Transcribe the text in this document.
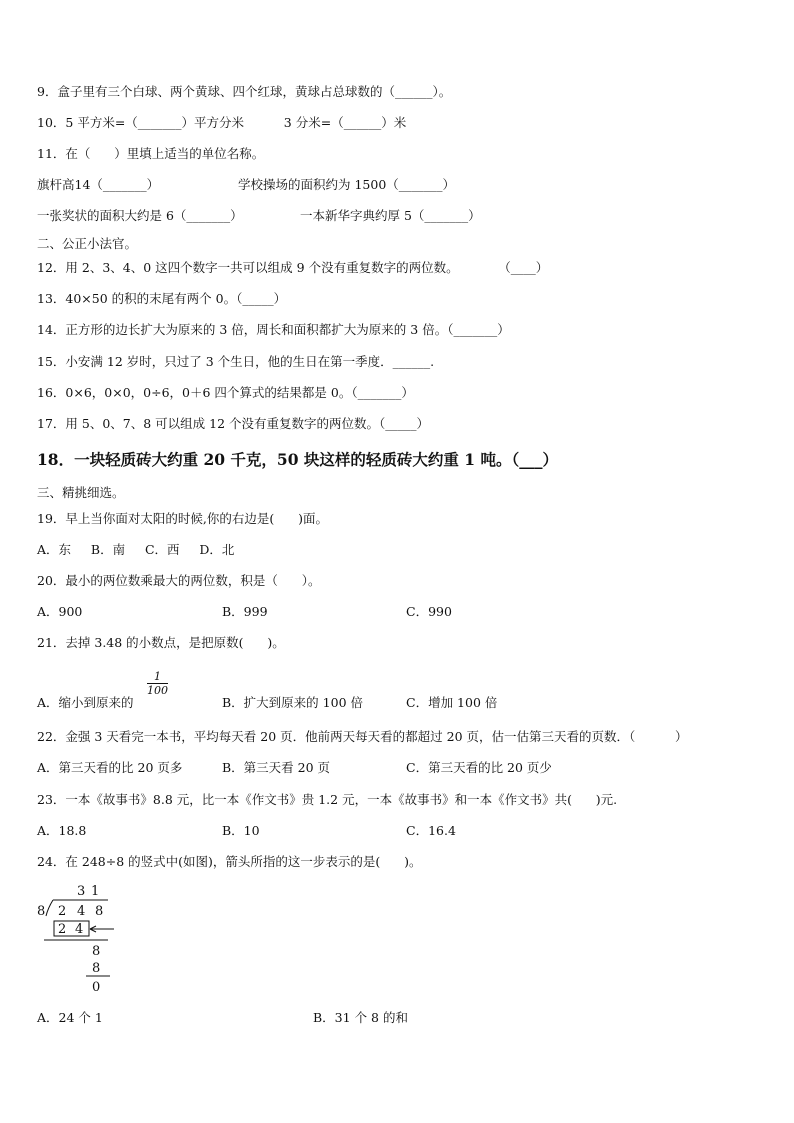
9．盒子里有三个白球、两个黄球、四个红球，黄球占总球数的（______）。
10．5 平方米=（_______）平方分米          3 分米=（______）米
11．在（      ）里填上适当的单位名称。
旗杆高14（_______）	学校操场的面积约为 1500（_______）
一张奖状的面积大约是 6（_______）	一本新华字典约厚 5（_______）
二、公正小法官。
12．用 2、3、4、0 这四个数字一共可以组成 9 个没有重复数字的两位数。          （____）
13．40×50 的积的末尾有两个 0。（_____）
14．正方形的边长扩大为原来的 3 倍，周长和面积都扩大为原来的 3 倍。（_______）
15．小安满 12 岁时，只过了 3 个生日，他的生日在第一季度．______.
16．0×6，0×0，0÷6，0＋6 四个算式的结果都是 0。（_______）
17．用 5、0、7、8 可以组成 12 个没有重复数字的两位数。（_____）
18．一块轻质砖大约重 20 千克，50 块这样的轻质砖大约重 1 吨。（___）
三、精挑细选。
19．早上当你面对太阳的时候,你的右边是(      )面。
A．东     B．南     C．西     D．北
20．最小的两位数乘最大的两位数，积是（      ）。
A．900	B．999	C．990
21．去掉 3.48 的小数点，是把原数(      )。
A．缩小到原来的
$\frac{1}{100}$
B．扩大到原来的 100 倍	C．增加 100 倍
22．金强 3 天看完一本书，平均每天看 20 页．他前两天每天看的都超过 20 页，估一估第三天看的页数．（          ）
A．第三天看的比 20 页多	B．第三天看 20 页	C．第三天看的比 20 页少
23．一本《故事书》8.8 元，比一本《作文书》贵 1.2 元，一本《故事书》和一本《作文书》共(      )元.
A．18.8	B．10	C．16.4
24．在 248÷8 的竖式中(如图)，箭头所指的这一步表示的是(      )。
3 1
8 2 4 8
2 4
8
8
0
A．24 个 1	B．31 个 8 的和
